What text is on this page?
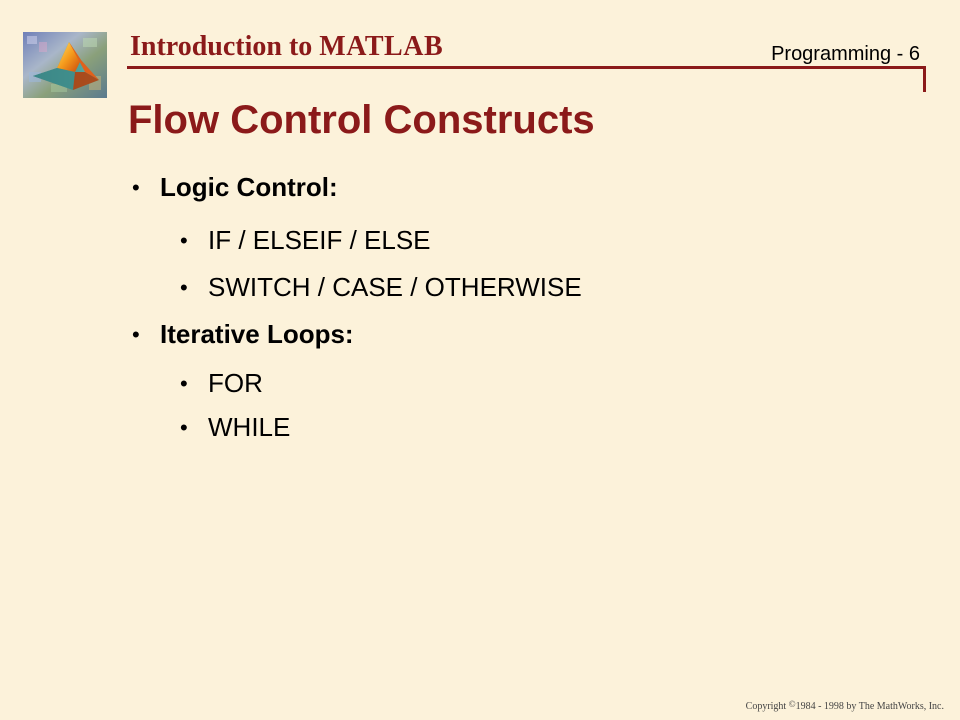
Introduction to MATLAB	Programming - 6
Flow Control Constructs
• Logic Control:
• IF / ELSEIF / ELSE
• SWITCH / CASE / OTHERWISE
• Iterative Loops:
• FOR
• WHILE
Copyright ©1984 - 1998 by The MathWorks, Inc.
